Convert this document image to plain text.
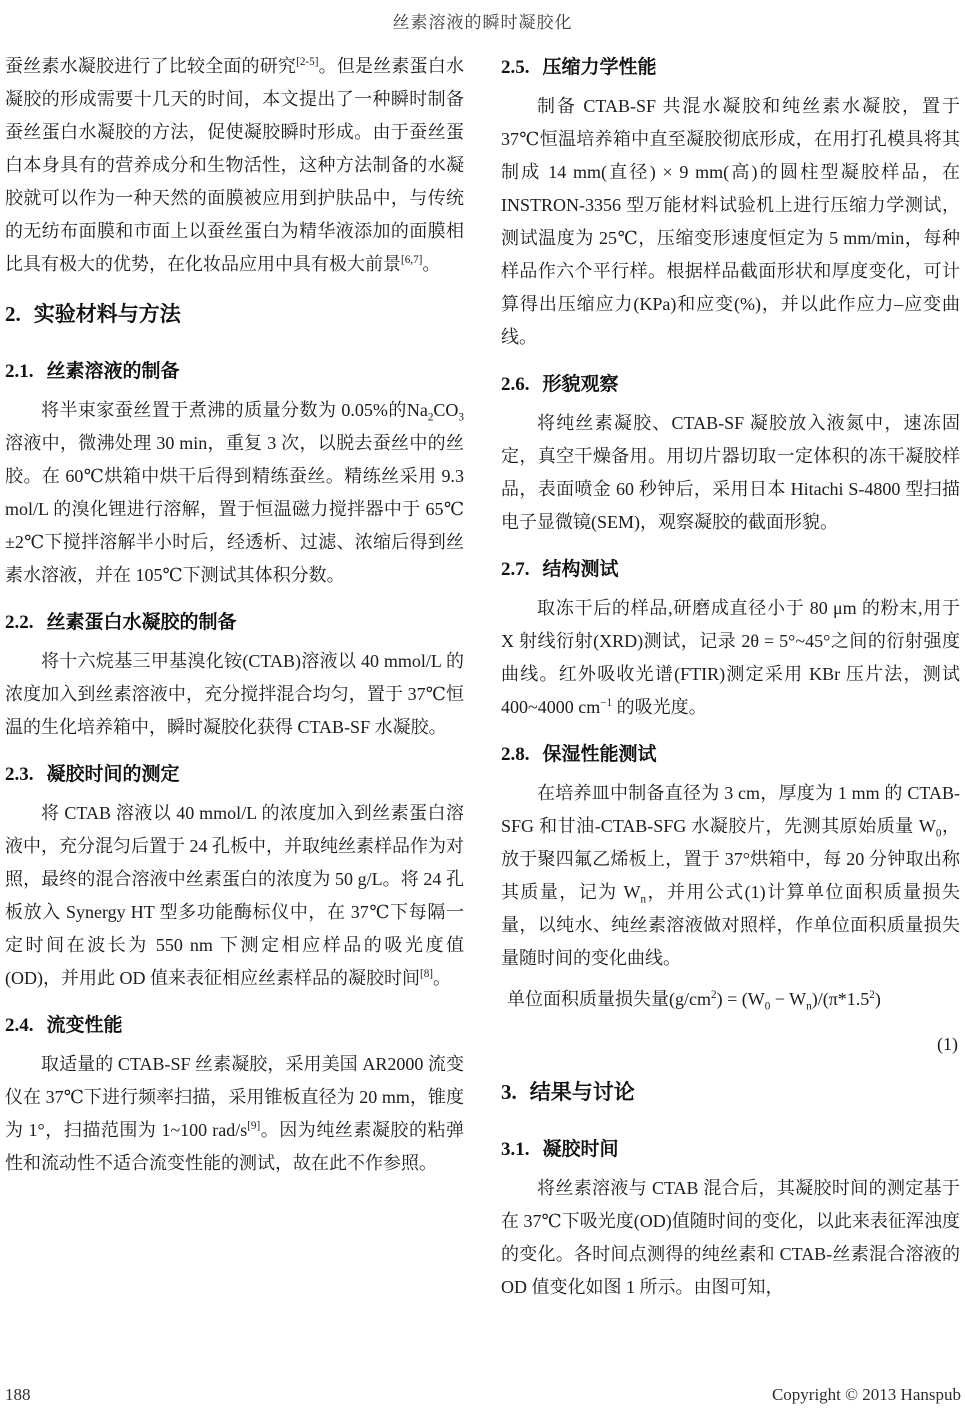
丝素溶液的瞬时凝胶化

蚕丝素水凝胶进行了比较全面的研究[2-5]。但是丝素蛋白水凝胶的形成需要十几天的时间，本文提出了一种瞬时制备蚕丝蛋白水凝胶的方法，促使凝胶瞬时形成。由于蚕丝蛋白本身具有的营养成分和生物活性，这种方法制备的水凝胶就可以作为一种天然的面膜被应用到护肤品中，与传统的无纺布面膜和市面上以蚕丝蛋白为精华液添加的面膜相比具有极大的优势，在化妆品应用中具有极大前景[6,7]。

2. 实验材料与方法
2.1. 丝素溶液的制备

将半束家蚕丝置于煮沸的质量分数为 0.05%的$Na_2CO_3$ 溶液中，微沸处理 30 min，重复 3 次，以脱去蚕丝中的丝胶。在 60℃烘箱中烘干后得到精练蚕丝。精练丝采用 9.3 mol/L 的溴化锂进行溶解，置于恒温磁力搅拌器中于 65℃ ±2℃下搅拌溶解半小时后，经透析、过滤、浓缩后得到丝素水溶液，并在 105℃下测试其体积分数。

2.2. 丝素蛋白水凝胶的制备

将十六烷基三甲基溴化铵(CTAB)溶液以 40 mmol/L 的浓度加入到丝素溶液中，充分搅拌混合均匀，置于 37℃恒温的生化培养箱中，瞬时凝胶化获得 CTAB-SF 水凝胶。

2.3. 凝胶时间的测定

将 CTAB 溶液以 40 mmol/L 的浓度加入到丝素蛋白溶液中，充分混匀后置于 24 孔板中，并取纯丝素样品作为对照，最终的混合溶液中丝素蛋白的浓度为 50 g/L。将 24 孔板放入 Synergy HT 型多功能酶标仪中，在 37℃下每隔一定时间在波长为 550 nm 下测定相应样品的吸光度值(OD)，并用此 OD 值来表征相应丝素样品的凝胶时间[8]。

2.4. 流变性能

取适量的 CTAB-SF 丝素凝胶，采用美国 AR2000 流变仪在 37℃下进行频率扫描，采用锥板直径为 20 mm，锥度为 1°，扫描范围为 1~100 rad/s[9]。因为纯丝素凝胶的粘弹性和流动性不适合流变性能的测试，故在此不作参照。

2.5. 压缩力学性能

制备 CTAB-SF 共混水凝胶和纯丝素水凝胶，置于 37℃恒温培养箱中直至凝胶彻底形成，在用打孔模具将其制成 14 mm(直径) × 9 mm(高)的圆柱型凝胶样品，在 INSTRON-3356 型万能材料试验机上进行压缩力学测试，测试温度为 25℃，压缩变形速度恒定为 5 mm/min，每种样品作六个平行样。根据样品截面形状和厚度变化，可计算得出压缩应力(KPa)和应变(%)，并以此作应力–应变曲线。

2.6. 形貌观察

将纯丝素凝胶、CTAB-SF 凝胶放入液氮中，速冻固定，真空干燥备用。用切片器切取一定体积的冻干凝胶样品，表面喷金 60 秒钟后，采用日本 Hitachi S-4800 型扫描电子显微镜(SEM)，观察凝胶的截面形貌。

2.7. 结构测试

取冻干后的样品,研磨成直径小于 80 μm 的粉末,用于 X 射线衍射(XRD)测试，记录 2θ = 5°~45°之间的衍射强度曲线。红外吸收光谱(FTIR)测定采用 KBr 压片法，测试 400~4000 $cm^{-1}$ 的吸光度。

2.8. 保湿性能测试

在培养皿中制备直径为 3 cm，厚度为 1 mm 的 CTAB-SFG 和甘油-CTAB-SFG 水凝胶片，先测其原始质量 $W_0$，放于聚四氟乙烯板上，置于 37°烘箱中，每 20 分钟取出称其质量，记为 $W_n$，并用公式(1)计算单位面积质量损失量，以纯水、纯丝素溶液做对照样，作单位面积质量损失量随时间的变化曲线。

单位面积质量损失量$(g/cm^2) = (W_0 - W_n)/(\pi*1.5^2)$
(1)
3. 结果与讨论
3.1. 凝胶时间

将丝素溶液与 CTAB 混合后，其凝胶时间的测定基于在 37℃下吸光度(OD)值随时间的变化，以此来表征浑浊度的变化。各时间点测得的纯丝素和 CTAB-丝素混合溶液的 OD 值变化如图 1 所示。由图可知，

188	Copyright © 2013 Hanspub
